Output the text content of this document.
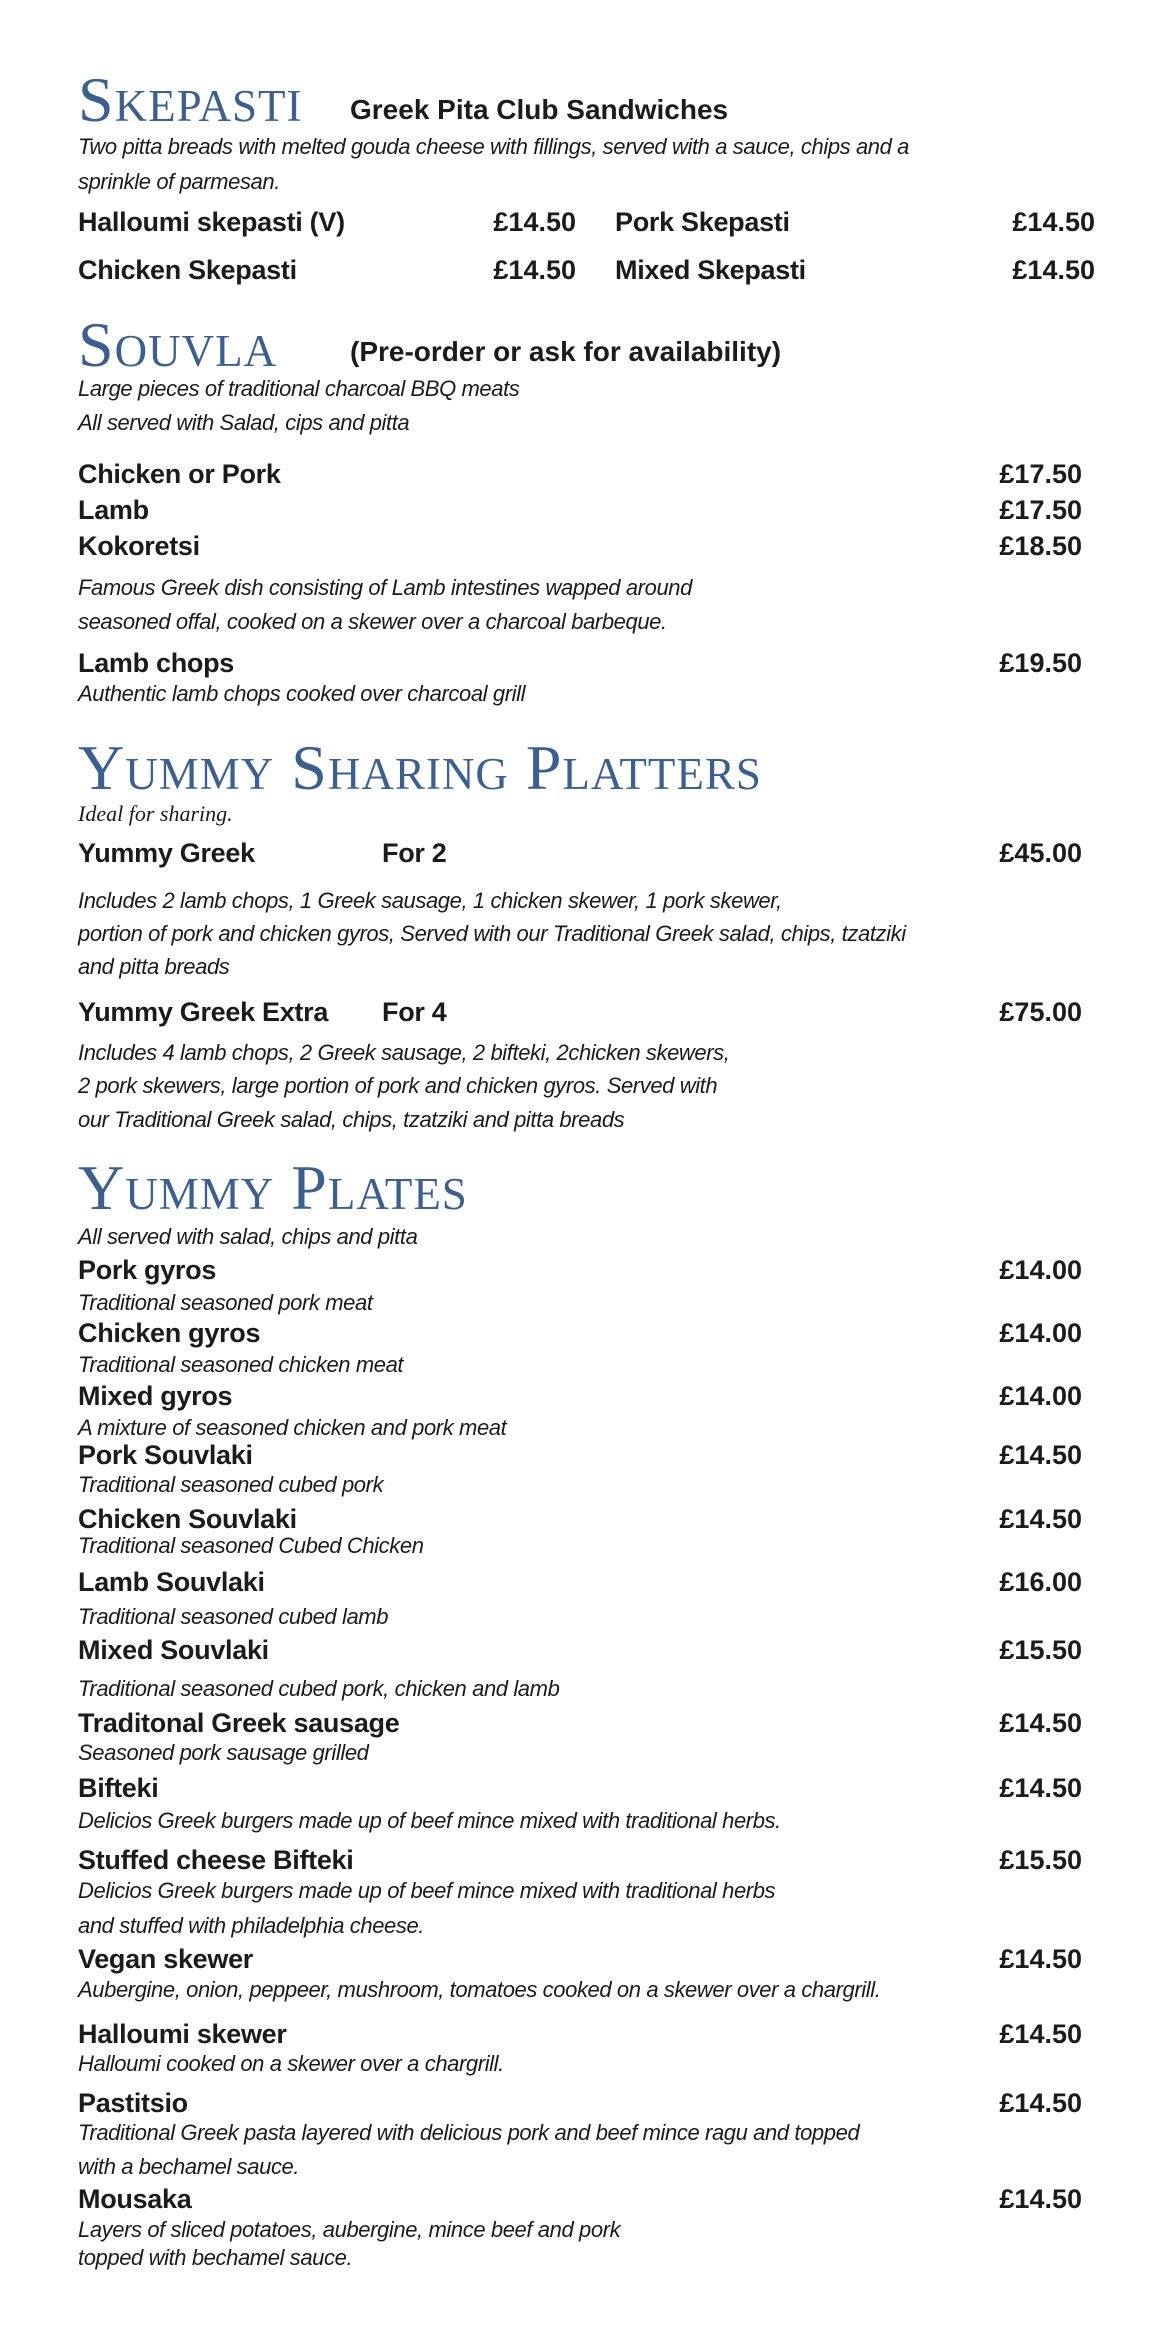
Skepasti Greek Pita Club Sandwiches
Two pitta breads with melted gouda cheese with fillings, served with a sauce, chips and a
sprinkle of parmesan.
Halloumi skepasti (V)	£14.50 Pork Skepasti	£14.50
Chicken Skepasti	£14.50 Mixed Skepasti	£14.50
Souvla	(Pre-order or ask for availability)
Large pieces of traditional charcoal BBQ meats
All served with Salad, cips and pitta
Chicken or Pork	£17.50
Lamb	£17.50
Kokoretsi	£18.50
Famous Greek dish consisting of Lamb intestines wapped around
seasoned offal, cooked on a skewer over a charcoal barbeque.
Lamb chops	£19.50
Authentic lamb chops cooked over charcoal grill
Yummy Sharing Platters
Ideal for sharing.
Yummy Greek	For 2	£45.00
Includes 2 lamb chops, 1 Greek sausage, 1 chicken skewer, 1 pork skewer,
portion of pork and chicken gyros, Served with our Traditional Greek salad, chips, tzatziki
and pitta breads
Yummy Greek Extra For 4	£75.00
Includes 4 lamb chops, 2 Greek sausage, 2 bifteki, 2chicken skewers,
2 pork skewers, large portion of pork and chicken gyros. Served with
our Traditional Greek salad, chips, tzatziki and pitta breads
Yummy Plates
All served with salad, chips and pitta
Pork gyros	£14.00
Traditional seasoned pork meat
Chicken gyros	£14.00
Traditional seasoned chicken meat
Mixed gyros	£14.00
A mixture of seasoned chicken and pork meat
Pork Souvlaki	£14.50
Traditional seasoned cubed pork
Chicken Souvlaki	£14.50
Traditional seasoned Cubed Chicken
Lamb Souvlaki	£16.00
Traditional seasoned cubed lamb
Mixed Souvlaki	£15.50
Traditional seasoned cubed pork, chicken and lamb
Traditonal Greek sausage	£14.50
Seasoned pork sausage grilled
Bifteki	£14.50
Delicios Greek burgers made up of beef mince mixed with traditional herbs.
Stuffed cheese Bifteki	£15.50
Delicios Greek burgers made up of beef mince mixed with traditional herbs
and stuffed with philadelphia cheese.
Vegan skewer	£14.50
Aubergine, onion, peppeer, mushroom, tomatoes cooked on a skewer over a chargrill.
Halloumi skewer	£14.50
Halloumi cooked on a skewer over a chargrill.
Pastitsio	£14.50
Traditional Greek pasta layered with delicious pork and beef mince ragu and topped
with a bechamel sauce.
Mousaka	£14.50
Layers of sliced potatoes, aubergine, mince beef and pork
topped with bechamel sauce.
